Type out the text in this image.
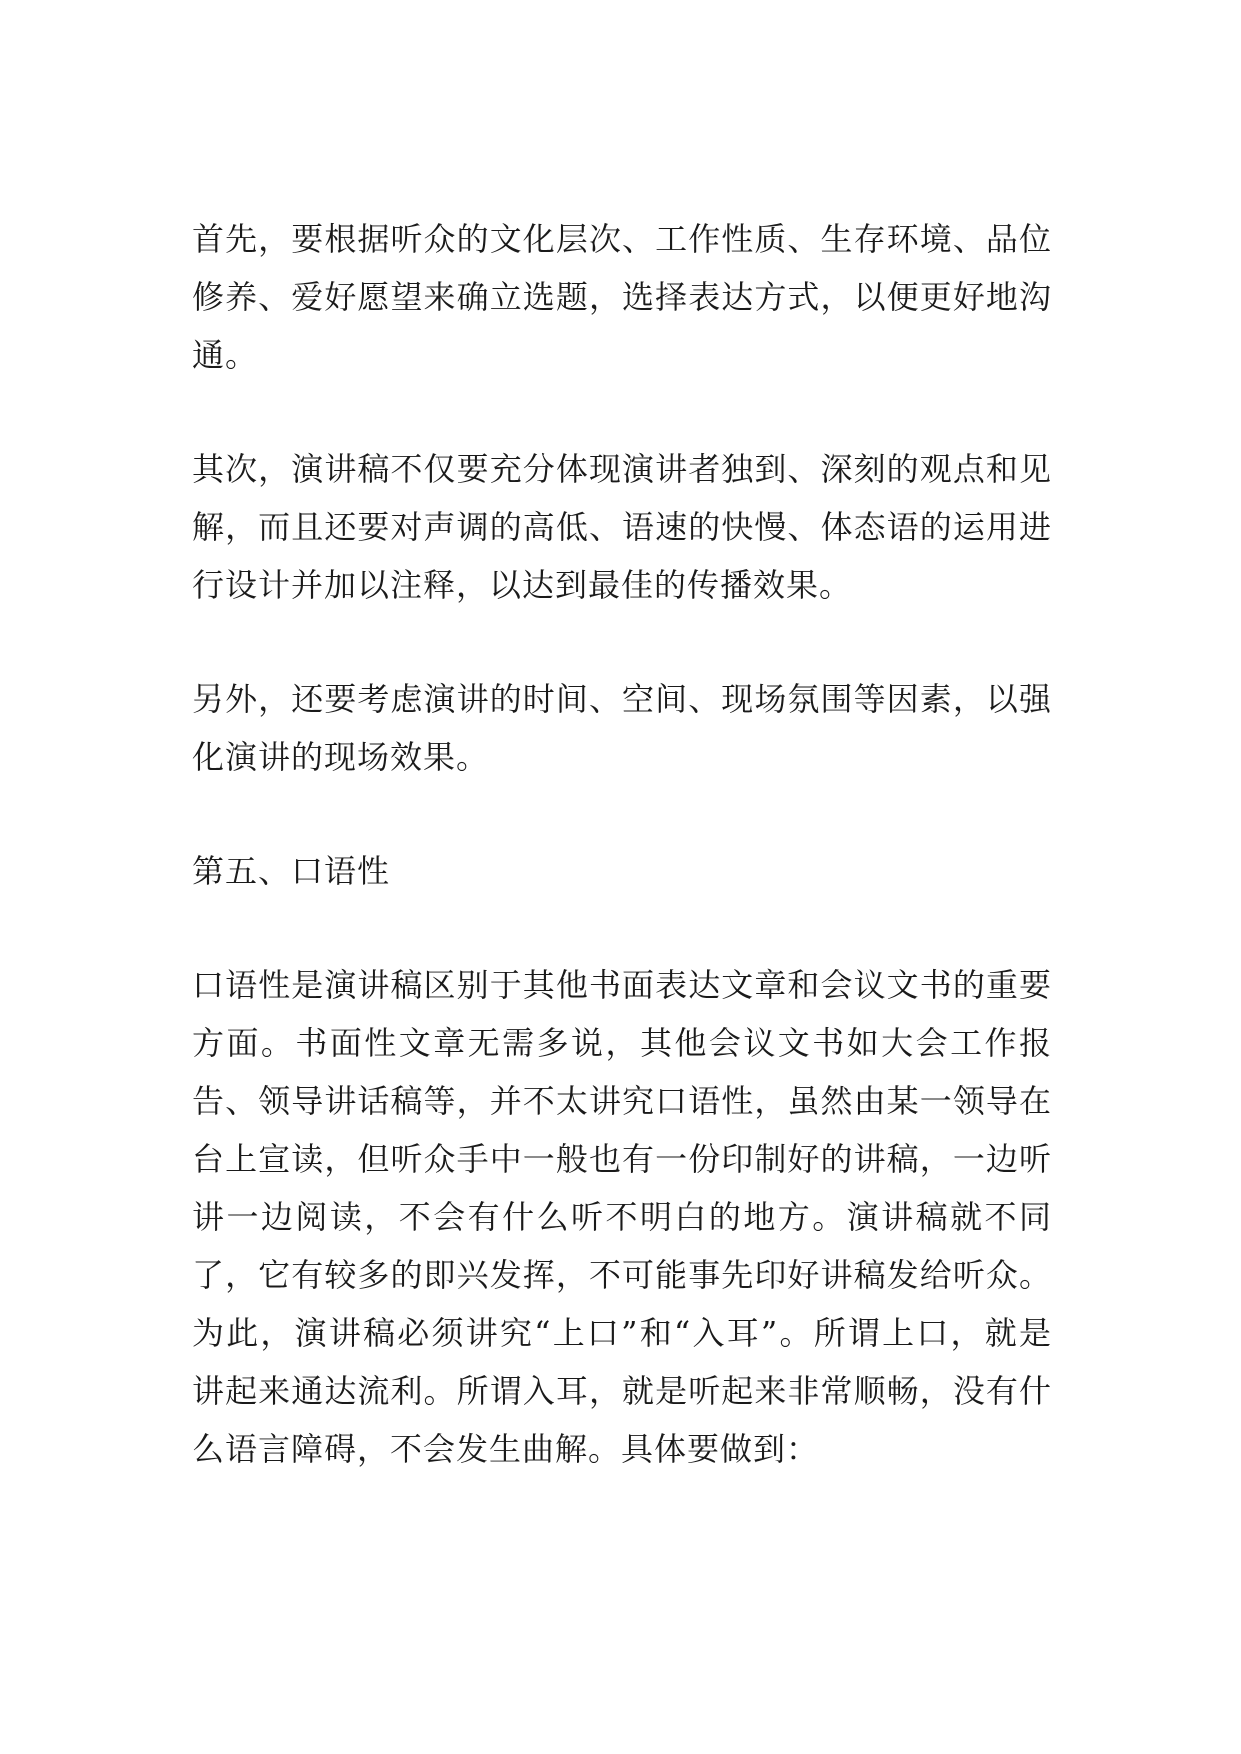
首先，要根据听众的文化层次、工作性质、生存环境、品位修养、爱好愿望来确立选题，选择表达方式，以便更好地沟通。

其次，演讲稿不仅要充分体现演讲者独到、深刻的观点和见解，而且还要对声调的高低、语速的快慢、体态语的运用进行设计并加以注释，以达到最佳的传播效果。

另外，还要考虑演讲的时间、空间、现场氛围等因素，以强化演讲的现场效果。

第五、口语性

口语性是演讲稿区别于其他书面表达文章和会议文书的重要方面。书面性文章无需多说，其他会议文书如大会工作报告、领导讲话稿等，并不太讲究口语性，虽然由某一领导在台上宣读，但听众手中一般也有一份印制好的讲稿，一边听讲一边阅读，不会有什么听不明白的地方。演讲稿就不同了，它有较多的即兴发挥，不可能事先印好讲稿发给听众。为此，演讲稿必须讲究“上口”和“入耳”。所谓上口，就是讲起来通达流利。所谓入耳，就是听起来非常顺畅，没有什么语言障碍，不会发生曲解。具体要做到：
